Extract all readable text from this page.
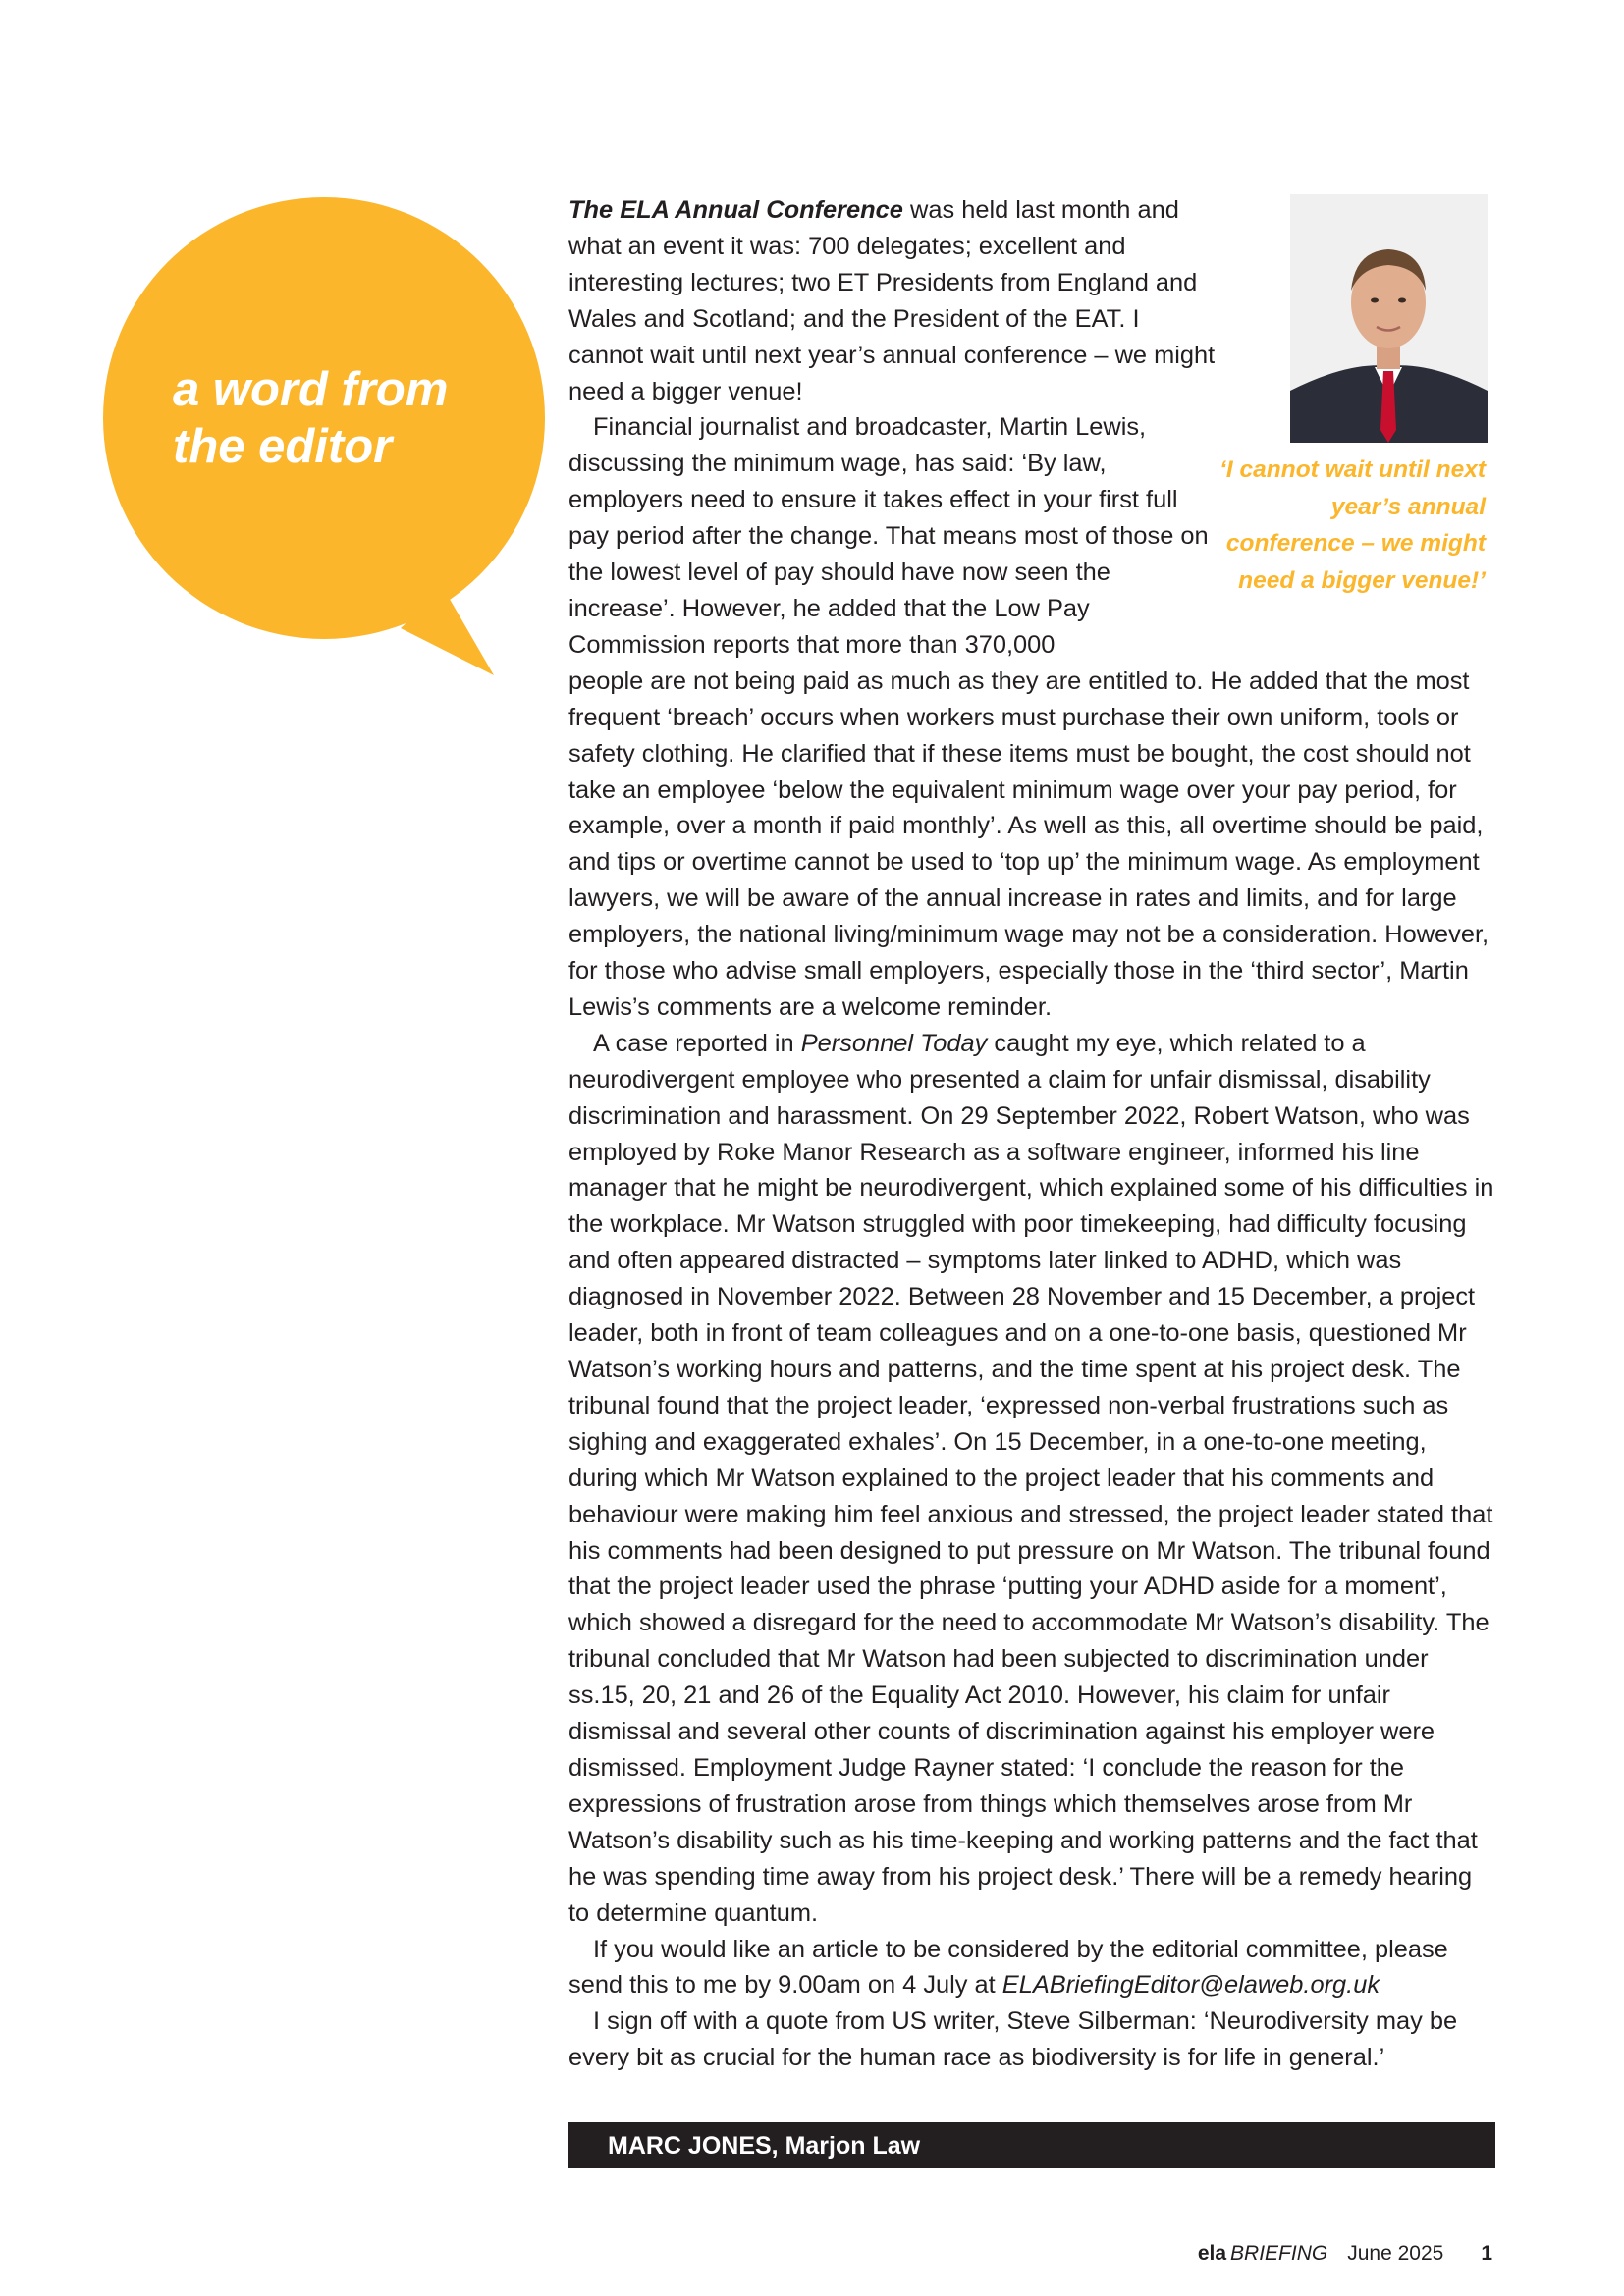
a word from the editor	‘I cannot wait until next year’s annual conference – we might need a bigger venue!’

The ELA Annual Conference was held last month and what an event it was: 700 delegates; excellent and interesting lectures; two ET Presidents from England and Wales and Scotland; and the President of the EAT. I cannot wait until next year’s annual conference – we might need a bigger venue!

Financial journalist and broadcaster, Martin Lewis, discussing the minimum wage, has said: ‘By law, employers need to ensure it takes effect in your first full pay period after the change. That means most of those on the lowest level of pay should have now seen the increase’. However, he added that the Low Pay Commission reports that more than 370,000

people are not being paid as much as they are entitled to. He added that the most frequent ‘breach’ occurs when workers must purchase their own uniform, tools or safety clothing. He clarified that if these items must be bought, the cost should not take an employee ‘below the equivalent minimum wage over your pay period, for example, over a month if paid monthly’. As well as this, all overtime should be paid, and tips or overtime cannot be used to ‘top up’ the minimum wage. As employment lawyers, we will be aware of the annual increase in rates and limits, and for large employers, the national living/minimum wage may not be a consideration. However, for those who advise small employers, especially those in the ‘third sector’, Martin Lewis’s comments are a welcome reminder.

A case reported in Personnel Today caught my eye, which related to a neurodivergent employee who presented a claim for unfair dismissal, disability discrimination and harassment. On 29 September 2022, Robert Watson, who was employed by Roke Manor Research as a software engineer, informed his line manager that he might be neurodivergent, which explained some of his difficulties in the workplace. Mr Watson struggled with poor timekeeping, had difficulty focusing and often appeared distracted – symptoms later linked to ADHD, which was diagnosed in November 2022. Between 28 November and 15 December, a project leader, both in front of team colleagues and on a one-to-one basis, questioned Mr Watson’s working hours and patterns, and the time spent at his project desk. The tribunal found that the project leader, ‘expressed non-verbal frustrations such as sighing and exaggerated exhales’. On 15 December, in a one-to-one meeting, during which Mr Watson explained to the project leader that his comments and behaviour were making him feel anxious and stressed, the project leader stated that his comments had been designed to put pressure on Mr Watson. The tribunal found that the project leader used the phrase ‘putting your ADHD aside for a moment’, which showed a disregard for the need to accommodate Mr Watson’s disability. The tribunal concluded that Mr Watson had been subjected to discrimination under ss.15, 20, 21 and 26 of the Equality Act 2010. However, his claim for unfair dismissal and several other counts of discrimination against his employer were dismissed. Employment Judge Rayner stated: ‘I conclude the reason for the expressions of frustration arose from things which themselves arose from Mr Watson’s disability such as his time-keeping and working patterns and the fact that he was spending time away from his project desk.’ There will be a remedy hearing to determine quantum.

If you would like an article to be considered by the editorial committee, please send this to me by 9.00am on 4 July at ELABriefingEditor@elaweb.org.uk

I sign off with a quote from US writer, Steve Silberman: ‘Neurodiversity may be every bit as crucial for the human race as biodiversity is for life in general.’

MARC JONES, Marjon Law

ela BRIEFING June 2025 1
